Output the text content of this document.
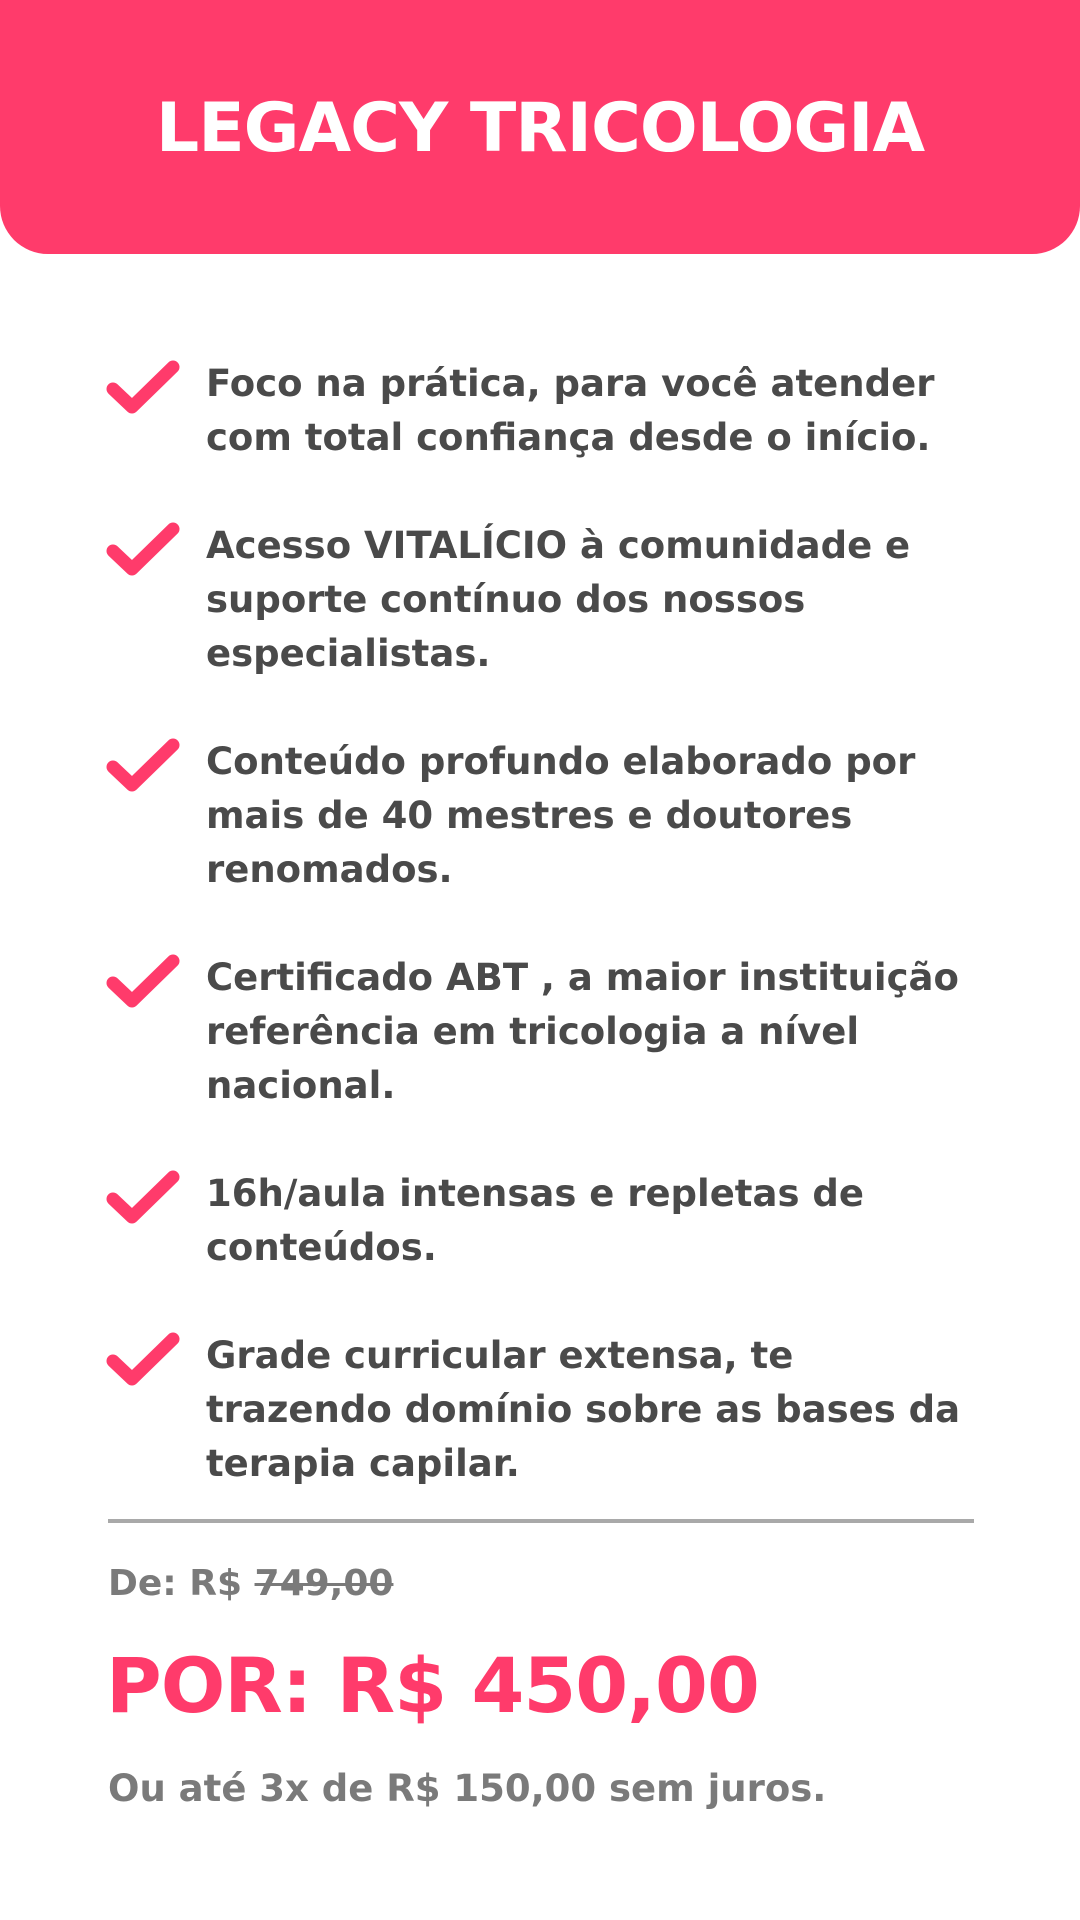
LEGACY TRICOLOGIA
Foco na prática, para você atender com total confiança desde o início.
Acesso VITALÍCIO à comunidade e suporte contínuo dos nossos especialistas.
Conteúdo profundo elaborado por mais de 40 mestres e doutores renomados.
Certificado ABT , a maior instituição referência em tricologia a nível nacional.
16h/aula intensas e repletas de conteúdos.
Grade curricular extensa, te trazendo domínio sobre as bases da terapia capilar.
De: R$ 749,00
POR: R$ 450,00
Ou até 3x de R$ 150,00 sem juros.
